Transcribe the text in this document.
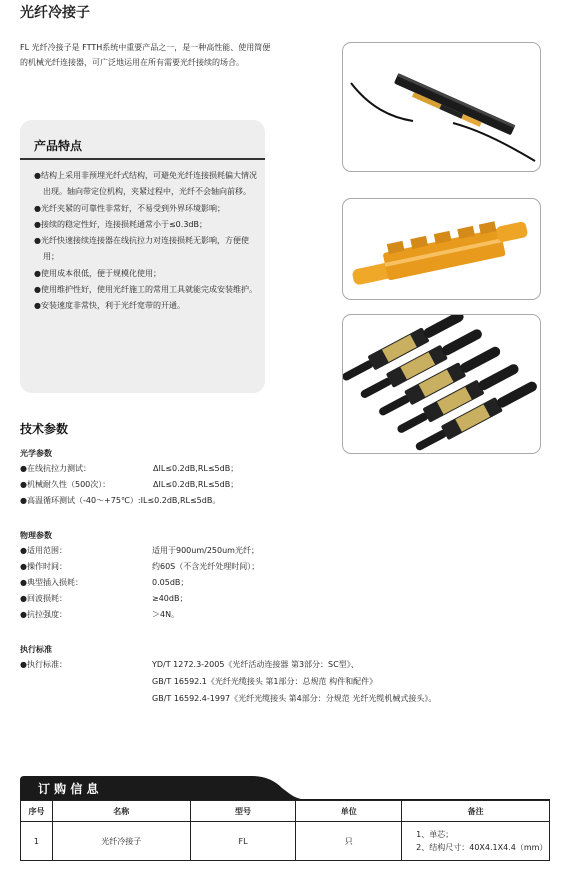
光纤冷接子
FL 光纤冷接子是 FTTH系统中重要产品之一，是一种高性能、使用简便的机械光纤连接器，可广泛地运用在所有需要光纤接续的场合。
产品特点
●结构上采用非预埋光纤式结构，可避免光纤连接损耗偏大情况出现。轴向带定位机构，夹紧过程中，光纤不会轴向前移。
●光纤夹紧的可靠性非常好，不易受到外界环境影响；
●接续的稳定性好，连接损耗通常小于≤0.3dB；
●光纤快速接续连接器在线抗拉力对连接损耗无影响，方便使用；
●使用成本很低，便于规模化使用；
●使用维护性好，使用光纤施工的常用工具就能完成安装维护。
●安装速度非常快，利于光纤宽带的开通。
技术参数
光学参数
●在线抗拉力测试：	ΔIL≤0.2dB,RL≤5dB；
●机械耐久性（500次）：	ΔIL≤0.2dB,RL≤5dB；
●高温循环测试（-40～+75℃）:IL≤0.2dB,RL≤5dB。
物理参数
●适用范围：	适用于900um/250um光纤；
●操作时间：	约60S（不含光纤处理时间）；
●典型插入损耗：	0.05dB；
●回波损耗：	≥40dB；
●抗拉强度：	＞4N。
执行标准
●执行标准：	YD/T 1272.3-2005《光纤活动连接器 第3部分：SC型》、
GB/T 16592.1《光纤光缆接头 第1部分：总规范 构件和配件》
GB/T 16592.4-1997《光纤光缆接头 第4部分：分规范 光纤光缆机械式接头》。
订 购 信 息
序号	名称	型号	单位	备注
1	光纤冷接子	FL	只	1、单芯；
2、结构尺寸：40X4.1X4.4（mm）
